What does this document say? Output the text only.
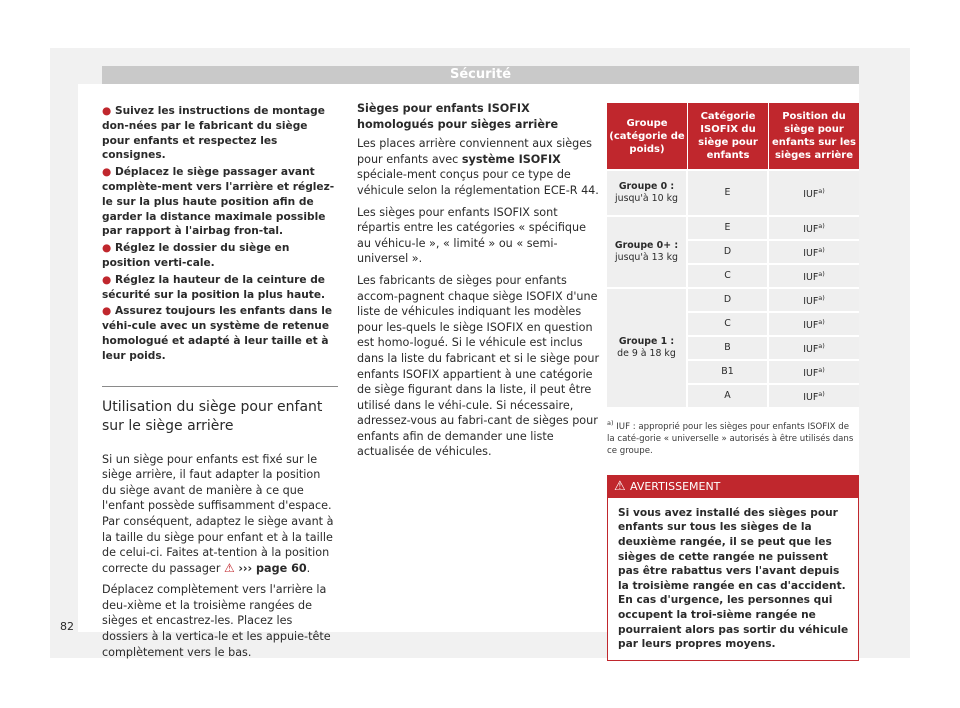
Sécurité
● Suivez les instructions de montage don-nées par le fabricant du siège pour enfants et respectez les consignes.
● Déplacez le siège passager avant complète-ment vers l'arrière et réglez-le sur la plus haute position afin de garder la distance maximale possible par rapport à l'airbag fron-tal.
● Réglez le dossier du siège en position verti-cale.
● Réglez la hauteur de la ceinture de sécurité sur la position la plus haute.
● Assurez toujours les enfants dans le véhi-cule avec un système de retenue homologué et adapté à leur taille et à leur poids.
Utilisation du siège pour enfant sur le siège arrière
Si un siège pour enfants est fixé sur le siège arrière, il faut adapter la position du siège avant de manière à ce que l'enfant possède suffisamment d'espace. Par conséquent, adaptez le siège avant à la taille du siège pour enfant et à la taille de celui-ci. Faites at-tention à la position correcte du passager ⚠ ››› page 60.
Déplacez complètement vers l'arrière la deu-xième et la troisième rangées de sièges et encastrez-les. Placez les dossiers à la vertica-le et les appuie-tête complètement vers le bas.
Sièges pour enfants ISOFIX homologués pour sièges arrière
Les places arrière conviennent aux sièges pour enfants avec système ISOFIX spéciale-ment conçus pour ce type de véhicule selon la réglementation ECE-R 44.
Les sièges pour enfants ISOFIX sont répartis entre les catégories « spécifique au véhicu-le », « limité » ou « semi-universel ».
Les fabricants de sièges pour enfants accom-pagnent chaque siège ISOFIX d'une liste de véhicules indiquant les modèles pour les-quels le siège ISOFIX en question est homo-logué. Si le véhicule est inclus dans la liste du fabricant et si le siège pour enfants ISOFIX appartient à une catégorie de siège figurant dans la liste, il peut être utilisé dans le véhi-cule. Si nécessaire, adressez-vous au fabri-cant de sièges pour enfants afin de demander une liste actualisée de véhicules.
Groupe (catégorie de poids)	Catégorie ISOFIX du siège pour enfants	Position du siège pour enfants sur les sièges arrière
Groupe 0 :
jusqu'à 10 kg	E	IUF$^{a)}$
Groupe 0+ :
jusqu'à 13 kg	E	IUF$^{a)}$
	D	IUF$^{a)}$
	C	IUF$^{a)}$
Groupe 1 :
de 9 à 18 kg	D	IUF$^{a)}$
	C	IUF$^{a)}$
	B	IUF$^{a)}$
	B1	IUF$^{a)}$
	A	IUF$^{a)}$
$^{a)}$ IUF : approprié pour les sièges pour enfants ISOFIX de la caté-gorie « universelle » autorisés à être utilisés dans ce groupe.
⚠ AVERTISSEMENT
Si vous avez installé des sièges pour enfants sur tous les sièges de la deuxième rangée, il se peut que les sièges de cette rangée ne puissent pas être rabattus vers l'avant depuis la troisième rangée en cas d'accident. En cas d'urgence, les personnes qui occupent la troi-sième rangée ne pourraient alors pas sortir du véhicule par leurs propres moyens.
82
